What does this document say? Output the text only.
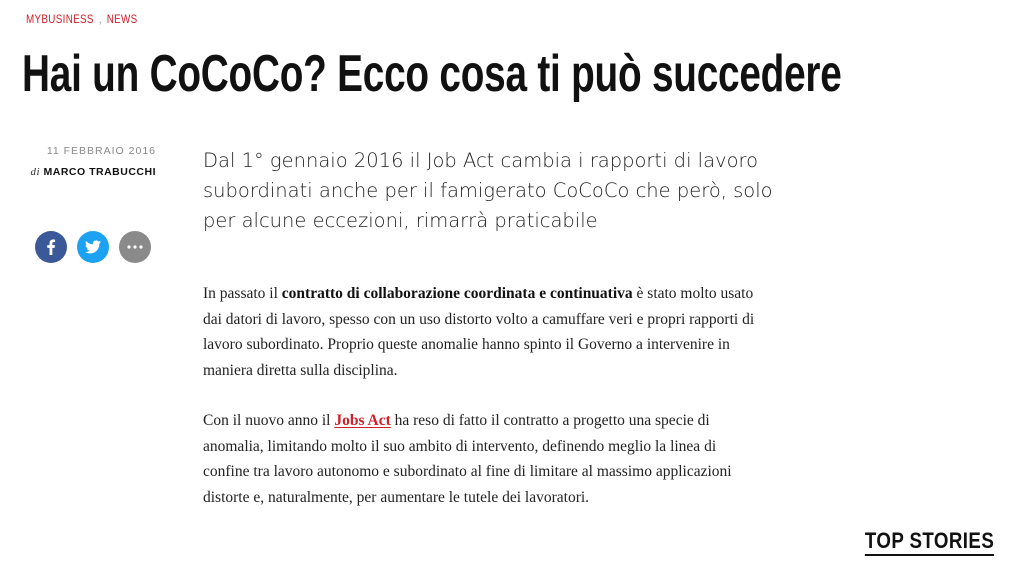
MYBUSINESS , NEWS
Hai un CoCoCo? Ecco cosa ti può succedere
11 FEBBRAIO 2016
di MARCO TRABUCCHI	Dal 1° gennaio 2016 il Job Act cambia i rapporti di lavoro subordinati anche per il famigerato CoCoCo che però, solo per alcune eccezioni, rimarrà praticabile

In passato il contratto di collaborazione coordinata e continuativa è stato molto usato dai datori di lavoro, spesso con un uso distorto volto a camuffare veri e propri rapporti di lavoro subordinato. Proprio queste anomalie hanno spinto il Governo a intervenire in maniera diretta sulla disciplina.

Con il nuovo anno il Jobs Act ha reso di fatto il contratto a progetto una specie di anomalia, limitando molto il suo ambito di intervento, definendo meglio la linea di confine tra lavoro autonomo e subordinato al fine di limitare al massimo applicazioni distorte e, naturalmente, per aumentare le tutele dei lavoratori.

TOP STORIES
